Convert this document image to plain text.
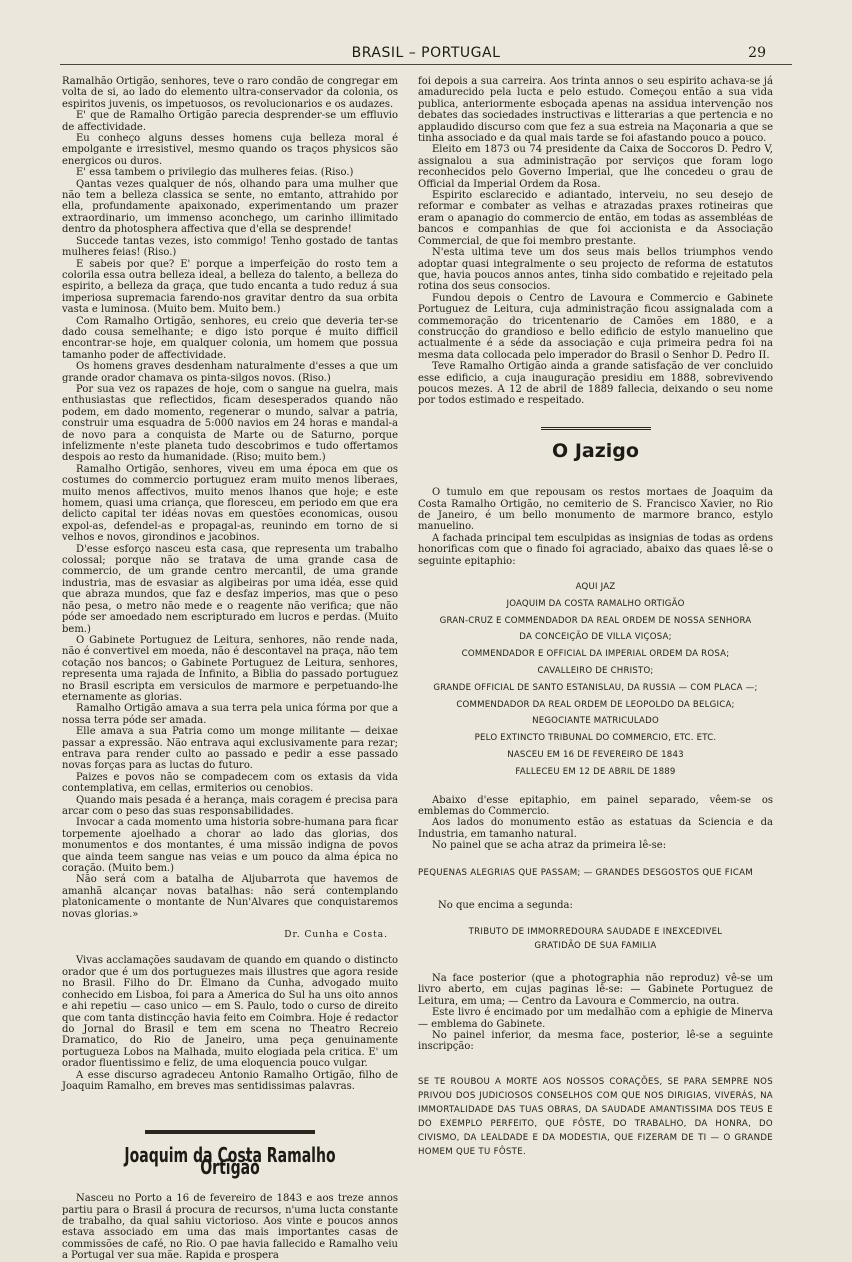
BRASIL – PORTUGAL	29

Ramalhão Ortigão, senhores, teve o raro condão de congregar em volta de si, ao lado do elemento ultra-conservador da colonia, os espiritos juvenis, os impetuosos, os revolucionarios e os audazes.

E' que de Ramalho Ortigão parecia desprender-se um effluvio de affectividade.

Eu conheço alguns desses homens cuja belleza moral é empolgante e irresistivel, mesmo quando os traços physicos são energicos ou duros.

E' essa tambem o privilegio das mulheres feias. (Riso.)

Qantas vezes qualquer de nós, olhando para uma mulher que não tem a belleza classica se sente, no emtanto, attrahido por ella, profundamente apaixonado, experimentando um prazer extraordinario, um immenso aconchego, um carinho illimitado dentro da photosphera affectiva que d'ella se desprende!

Succede tantas vezes, isto commigo! Tenho gostado de tantas mulheres feias! (Riso.)

E sabeis por que? E' porque a imperfeição do rosto tem a colorila essa outra belleza ideal, a belleza do talento, a belleza do espirito, a belleza da graça, que tudo encanta a tudo reduz á sua imperiosa supremacia farendo-nos gravitar dentro da sua orbita vasta e luminosa. (Muito bem. Muito bem.)

Com Ramalho Ortigão, senhores, eu creio que deveria ter-se dado cousa semelhante; e digo isto porque é muito difficil encontrar-se hoje, em qualquer colonia, um homem que possua tamanho poder de affectividade.

Os homens graves desdenham naturalmente d'esses a que um grande orador chamava os pinta-silgos novos. (Riso.)

Por sua vez os rapazes de hoje, com o sangue na guelra, mais enthusiastas que reflectidos, ficam desesperados quando não podem, em dado momento, regenerar o mundo, salvar a patria, construir uma esquadra de 5:000 navios em 24 horas e mandal-a de novo para a conquista de Marte ou de Saturno, porque infelizmente n'este planeta tudo descobrimos e tudo offertamos despois ao resto da humanidade. (Riso; muito bem.)

Ramalho Ortigão, senhores, viveu em uma época em que os costumes do commercio portuguez eram muito menos liberaes, muito menos affectivos, muito menos lhanos que hoje; e este homem, quasi uma criança, que floresceu, em periodo em que era delicto capital ter idéas novas em questões economicas, ousou expol-as, defendel-as e propagal-as, reunindo em torno de si velhos e novos, girondinos e jacobinos.

D'esse esforço nasceu esta casa, que representa um trabalho colossal; porque não se tratava de uma grande casa de commercio, de um grande centro mercantil, de uma grande industria, mas de esvasiar as algibeiras por uma idéa, esse quid que abraza mundos, que faz e desfaz imperios, mas que o peso não pesa, o metro não mede e o reagente não verifica; que não póde ser amoedado nem escripturado em lucros e perdas. (Muito bem.)

O Gabinete Portuguez de Leitura, senhores, não rende nada, não é convertivel em moeda, não é descontavel na praça, não tem cotação nos bancos; o Gabinete Portuguez de Leitura, senhores, representa uma rajada de Infinito, a Biblia do passado portuguez no Brasil escripta em versiculos de marmore e perpetuando-lhe eternamente as glorias.

Ramalho Ortigão amava a sua terra pela unica fórma por que a nossa terra póde ser amada.

Elle amava a sua Patria como um monge militante — deixae passar a expressão. Não entrava aqui exclusivamente para rezar; entrava para render culto ao passado e pedir a esse passado novas forças para as luctas do futuro.

Paizes e povos não se compadecem com os extasis da vida contemplativa, em cellas, ermiterios ou cenobios.

Quando mais pesada é a herança, mais coragem é precisa para arcar com o peso das suas responsabilidades.

Invocar a cada momento uma historia sobre-humana para ficar torpemente ajoelhado a chorar ao lado das glorias, dos monumentos e dos montantes, é uma missão indigna de povos que ainda teem sangue nas veias e um pouco da alma épica no coração. (Muito bem.)

Não será com a batalha de Aljubarrota que havemos de amanhã alcançar novas batalhas: não será contemplando platonicamente o montante de Nun'Alvares que conquistaremos novas glorias.»

Dr. Cunha e Costa.

Vivas acclamações saudavam de quando em quando o distincto orador que é um dos portuguezes mais illustres que agora reside no Brasil. Filho do Dr. Elmano da Cunha, advogado muito conhecido em Lisboa, foi para a America do Sul ha uns oito annos e ahi repetiu — caso unico — em S. Paulo, todo o curso de direito que com tanta distincção havia feito em Coimbra. Hoje é redactor do Jornal do Brasil e tem em scena no Theatro Recreio Dramatico, do Rio de Janeiro, uma peça genuinamente portugueza Lobos na Malhada, muito elogiada pela critica. E' um orador fluentissimo e feliz, de uma eloquencia pouco vulgar.

A esse discurso agradeceu Antonio Ramalho Ortigão, filho de Joaquim Ramalho, em breves mas sentidissimas palavras.

Joaquim da Costa Ramalho Ortigão

Nasceu no Porto a 16 de fevereiro de 1843 e aos treze annos partiu para o Brasil á procura de recursos, n'uma lucta constante de trabalho, da qual sahiu victorioso. Aos vinte e poucos annos estava associado em uma das mais importantes casas de commissões de café, no Rio. O pae havia fallecido e Ramalho veiu a Portugal ver sua mãe. Rapida e prospera

foi depois a sua carreira. Aos trinta annos o seu espirito achava-se já amadurecido pela lucta e pelo estudo. Começou então a sua vida publica, anteriormente esboçada apenas na assidua intervenção nos debates das sociedades instructivas e litterarias a que pertencia e no applaudido discurso com que fez a sua estreia na Maçonaria a que se tinha associado e da qual mais tarde se foi afastando pouco a pouco.

Eleito em 1873 ou 74 presidente da Caixa de Soccoros D. Pedro V, assignalou a sua administração por serviços que foram logo reconhecidos pelo Governo Imperial, que lhe concedeu o grau de Official da Imperial Ordem da Rosa.

Espirito esclarecido e adiantado, interveiu, no seu desejo de reformar e combater as velhas e atrazadas praxes rotineiras que eram o apanagio do commercio de então, em todas as assembléas de bancos e companhias de que foi accionista e da Associação Commercial, de que foi membro prestante.

N'esta ultima teve um dos seus mais bellos triumphos vendo adoptar quasi integralmente o seu projecto de reforma de estatutos que, havia poucos annos antes, tinha sido combatido e rejeitado pela rotina dos seus consocios.

Fundou depois o Centro de Lavoura e Commercio e Gabinete Portuguez de Leitura, cuja administração ficou assignalada com a commemoração do tricentenario de Camões em 1880, e a construcção do grandioso e bello edificio de estylo manuelino que actualmente é a séde da associação e cuja primeira pedra foi na mesma data collocada pelo imperador do Brasil o Senhor D. Pedro II.

Teve Ramalho Ortigão ainda a grande satisfação de ver concluido esse edificio, a cuja inauguração presidiu em 1888, sobrevivendo poucos mezes. A 12 de abril de 1889 fallecia, deixando o seu nome por todos estimado e respeitado.

O Jazigo

O tumulo em que repousam os restos mortaes de Joaquim da Costa Ramalho Ortigão, no cemiterio de S. Francisco Xavier, no Rio de Janeiro, é um bello monumento de marmore branco, estylo manuelino.

A fachada principal tem esculpidas as insignias de todas as ordens honorificas com que o finado foi agraciado, abaixo das quaes lê-se o seguinte epitaphio:

AQUI JAZ
JOAQUIM DA COSTA RAMALHO ORTIGÃO
GRAN-CRUZ E COMMENDADOR DA REAL ORDEM DE NOSSA SENHORA
DA CONCEIÇÃO DE VILLA VIÇOSA;
COMMENDADOR E OFFICIAL DA IMPERIAL ORDEM DA ROSA;
CAVALLEIRO DE CHRISTO;
GRANDE OFFICIAL DE SANTO ESTANISLAU, DA RUSSIA — COM PLACA —;
COMMENDADOR DA REAL ORDEM DE LEOPOLDO DA BELGICA;
NEGOCIANTE MATRICULADO
PELO EXTINCTO TRIBUNAL DO COMMERCIO, ETC. ETC.
NASCEU EM 16 DE FEVEREIRO DE 1843
FALLECEU EM 12 DE ABRIL DE 1889

Abaixo d'esse epitaphio, em painel separado, vêem-se os emblemas do Commercio.

Aos lados do monumento estão as estatuas da Sciencia e da Industria, em tamanho natural.

No painel que se acha atraz da primeira lê-se:

PEQUENAS ALEGRIAS QUE PASSAM; — GRANDES DESGOSTOS QUE FICAM

No que encima a segunda:

TRIBUTO DE IMMORREDOURA SAUDADE E INEXCEDIVEL GRATIDÃO DE SUA FAMILIA

Na face posterior (que a photographia não reproduz) vê-se um livro aberto, em cujas paginas lê-se: — Gabinete Portuguez de Leitura, em uma; — Centro da Lavoura e Commercio, na outra.

Este livro é encimado por um medalhão com a ephigie de Minerva — emblema do Gabinete.

No painel inferior, da mesma face, posterior, lê-se a seguinte inscripção:

SE TE ROUBOU A MORTE AOS NOSSOS CORAÇÕES, SE PARA SEMPRE NOS PRIVOU DOS JUDICIOSOS CONSELHOS COM QUE NOS DIRIGIAS, VIVERÁS, NA IMMORTALIDADE DAS TUAS OBRAS, DA SAUDADE AMANTISSIMA DOS TEUS E DO EXEMPLO PERFEITO, QUE FÔSTE, DO TRABALHO, DA HONRA, DO CIVISMO, DA LEALDADE E DA MODESTIA, QUE FIZERAM DE TI — O GRANDE HOMEM QUE TU FÔSTE.
